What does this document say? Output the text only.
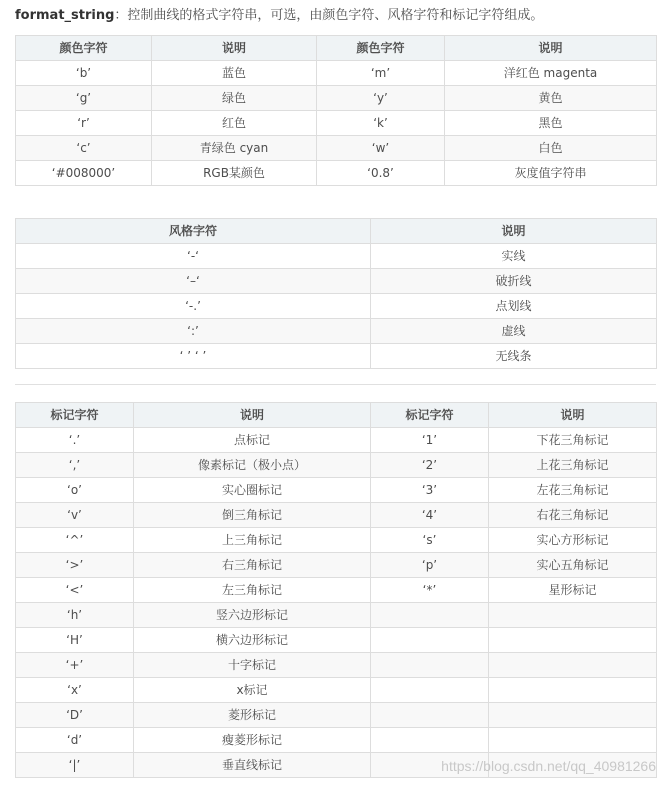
format_string：控制曲线的格式字符串，可选，由颜色字符、风格字符和标记字符组成。
颜色字符	说明	颜色字符	说明
‘b’	蓝色	‘m’	洋红色 magenta
‘g’	绿色	‘y’	黄色
‘r’	红色	‘k’	黑色
‘c’	青绿色 cyan	‘w’	白色
‘#008000’	RGB某颜色	‘0.8’	灰度值字符串
风格字符	说明
‘-‘	实线
‘–‘	破折线
‘-.’	点划线
‘:’	虚线
‘ ’ ‘ ’	无线条
标记字符	说明	标记字符	说明
‘.’	点标记	‘1’	下花三角标记
‘,’	像素标记（极小点）	‘2’	上花三角标记
‘o’	实心圈标记	‘3’	左花三角标记
‘v’	倒三角标记	‘4’	右花三角标记
‘^’	上三角标记	‘s’	实心方形标记
‘>’	右三角标记	‘p’	实心五角标记
‘<’	左三角标记	‘*’	星形标记
‘h’	竖六边形标记		
‘H’	横六边形标记		
‘+’	十字标记		
‘x’	x标记		
‘D’	菱形标记		
‘d’	瘦菱形标记		
‘|’	垂直线标记			https://blog.csdn.net/qq_40981266
